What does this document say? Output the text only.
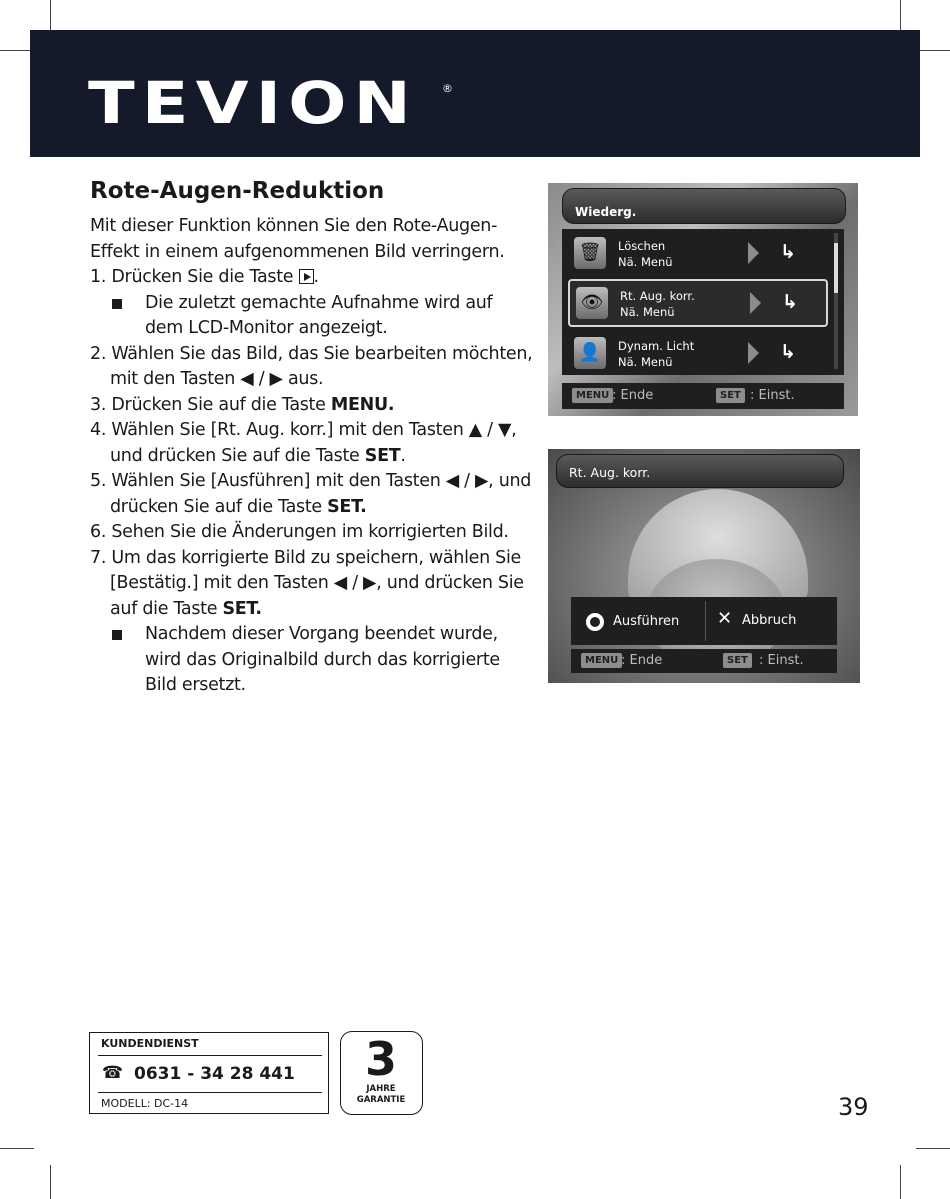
TEVION ®
Rote-Augen-Reduktion
Mit dieser Funktion können Sie den Rote-Augen-Effekt in einem aufgenommenen Bild verringern.
1. Drücken Sie die Taste .
Die zuletzt gemachte Aufnahme wird auf dem LCD-Monitor angezeigt.
2. Wählen Sie das Bild, das Sie bearbeiten möchten, mit den Tasten ◀ / ▶ aus.
3. Drücken Sie auf die Taste MENU.
4. Wählen Sie [Rt. Aug. korr.] mit den Tasten ▲ / ▼, und drücken Sie auf die Taste SET.
5. Wählen Sie [Ausführen] mit den Tasten ◀ / ▶, und drücken Sie auf die Taste SET.
6. Sehen Sie die Änderungen im korrigierten Bild.
7. Um das korrigierte Bild zu speichern, wählen Sie [Bestätig.] mit den Tasten ◀ / ▶, und drücken Sie auf die Taste SET.
Nachdem dieser Vorgang beendet wurde, wird das Originalbild durch das korrigierte Bild ersetzt.
Wiederg.
🗑	Löschen
Nä. Menü	↳
👁	Rt. Aug. korr.
Nä. Menü	↳
👤	Dynam. Licht
Nä. Menü	↳
MENU : Ende	SET : Einst.
Rt. Aug. korr.
Ausführen ✕ Abbruch
MENU : Ende	SET : Einst.
KUNDENDIENST
☎ 0631 - 34 28 441
MODELL: DC-14
3
JAHRE
GARANTIE	39
